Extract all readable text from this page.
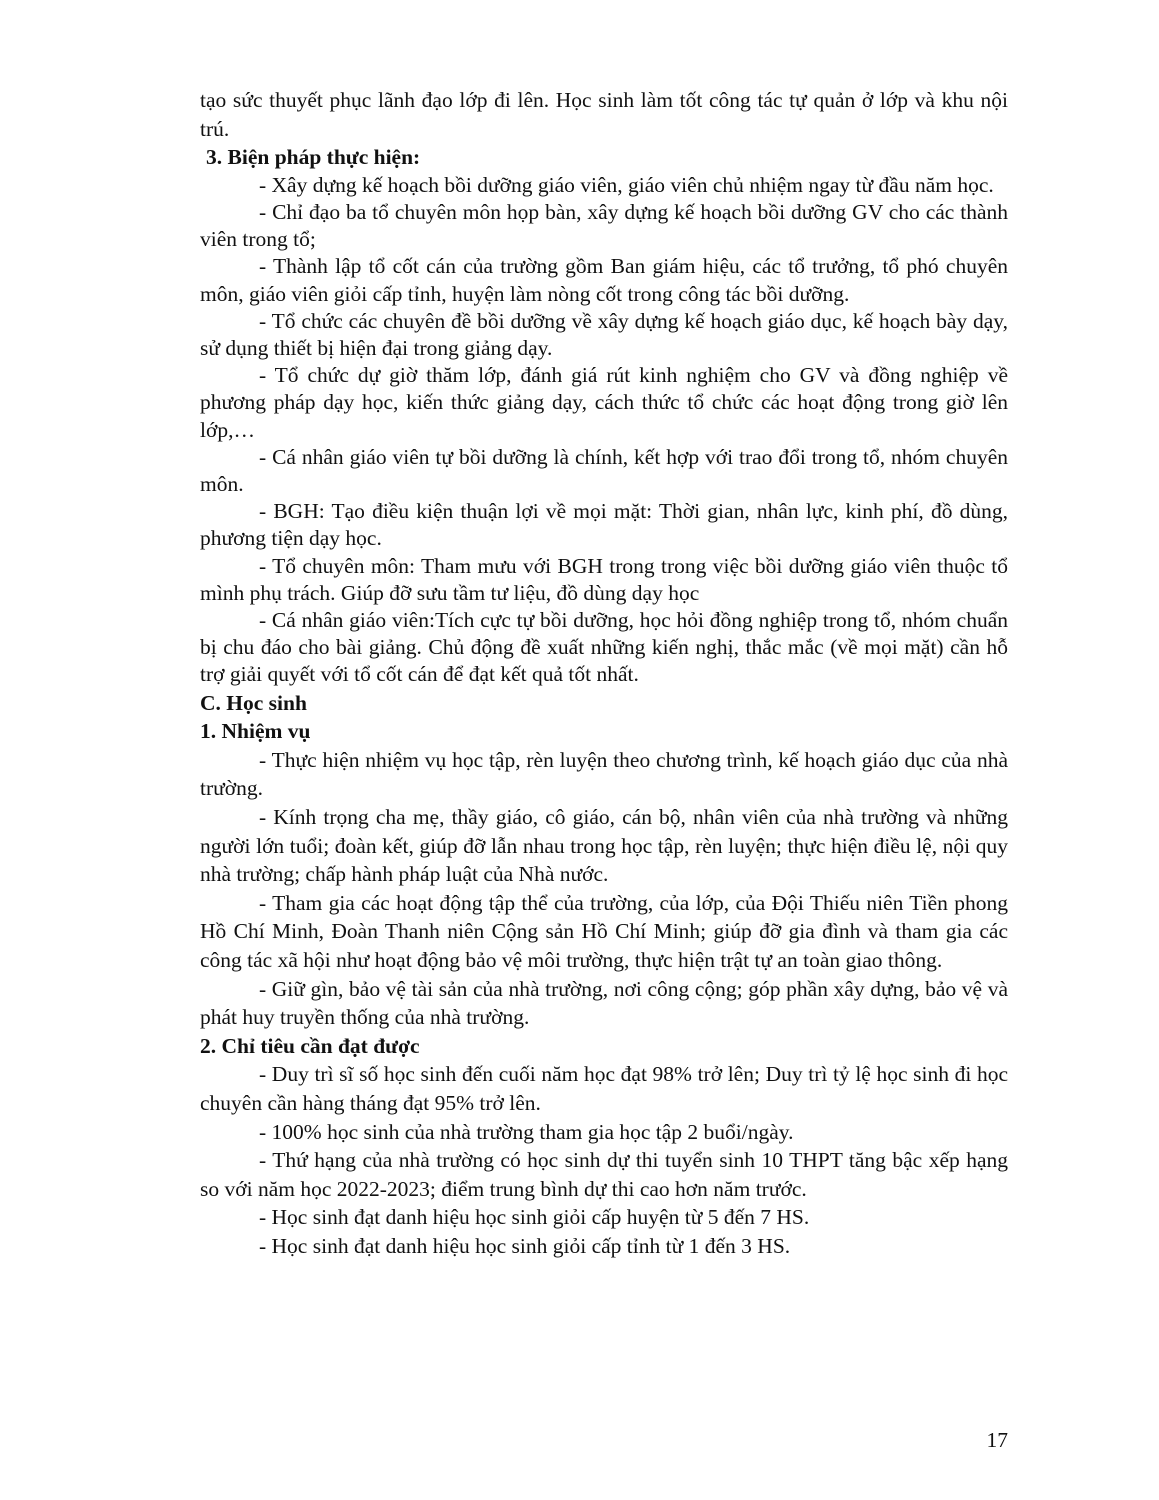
tạo sức thuyết phục lãnh đạo lớp đi lên. Học sinh làm tốt công tác tự quản ở lớp và khu nội trú.

3. Biện pháp thực hiện:

- Xây dựng kế hoạch bồi dưỡng giáo viên, giáo viên chủ nhiệm ngay từ đầu năm học.

- Chỉ đạo ba tổ chuyên môn họp bàn, xây dựng kế hoạch bồi dưỡng GV cho các thành viên trong tổ;

- Thành lập tổ cốt cán của trường gồm Ban giám hiệu, các tổ trưởng, tổ phó chuyên môn, giáo viên giỏi cấp tỉnh, huyện làm nòng cốt trong công tác bồi dưỡng.

- Tổ chức các chuyên đề bồi dưỡng về xây dựng kế hoạch giáo dục, kế hoạch bày dạy, sử dụng thiết bị hiện đại trong giảng dạy.

- Tổ chức dự giờ thăm lớp, đánh giá rút kinh nghiệm cho GV và đồng nghiệp về phương pháp dạy học, kiến thức giảng dạy, cách thức tổ chức các hoạt động trong giờ lên lớp,…

- Cá nhân giáo viên tự bồi dưỡng là chính, kết hợp với trao đổi trong tổ, nhóm chuyên môn.

- BGH: Tạo điều kiện thuận lợi về mọi mặt: Thời gian, nhân lực, kinh phí, đồ dùng, phương tiện dạy học.

- Tổ chuyên môn: Tham mưu với BGH trong trong việc bồi dưỡng giáo viên thuộc tổ mình phụ trách. Giúp đỡ sưu tầm tư liệu, đồ dùng dạy học

- Cá nhân giáo viên:Tích cực tự bồi dưỡng, học hỏi đồng nghiệp trong tổ, nhóm chuẩn bị chu đáo cho bài giảng. Chủ động đề xuất những kiến nghị, thắc mắc (về mọi mặt) cần hỗ trợ giải quyết với tổ cốt cán để đạt kết quả tốt nhất.

C. Học sinh

1. Nhiệm vụ

- Thực hiện nhiệm vụ học tập, rèn luyện theo chương trình, kế hoạch giáo dục của nhà trường.

- Kính trọng cha mẹ, thầy giáo, cô giáo, cán bộ, nhân viên của nhà trường và những người lớn tuổi; đoàn kết, giúp đỡ lẫn nhau trong học tập, rèn luyện; thực hiện điều lệ, nội quy nhà trường; chấp hành pháp luật của Nhà nước.

- Tham gia các hoạt động tập thể của trường, của lớp, của Đội Thiếu niên Tiền phong Hồ Chí Minh, Đoàn Thanh niên Cộng sản Hồ Chí Minh; giúp đỡ gia đình và tham gia các công tác xã hội như hoạt động bảo vệ môi trường, thực hiện trật tự an toàn giao thông.

- Giữ gìn, bảo vệ tài sản của nhà trường, nơi công cộng; góp phần xây dựng, bảo vệ và phát huy truyền thống của nhà trường.

2. Chỉ tiêu cần đạt được

- Duy trì sĩ số học sinh đến cuối năm học đạt 98% trở lên; Duy trì tỷ lệ học sinh đi học chuyên cần hàng tháng đạt 95% trở lên.

- 100% học sinh của nhà trường tham gia học tập 2 buổi/ngày.

- Thứ hạng của nhà trường có học sinh dự thi tuyển sinh 10 THPT tăng bậc xếp hạng so với năm học 2022-2023; điểm trung bình dự thi cao hơn năm trước.

- Học sinh đạt danh hiệu học sinh giỏi cấp huyện từ 5 đến 7 HS.

- Học sinh đạt danh hiệu học sinh giỏi cấp tỉnh từ 1 đến 3 HS.

17
